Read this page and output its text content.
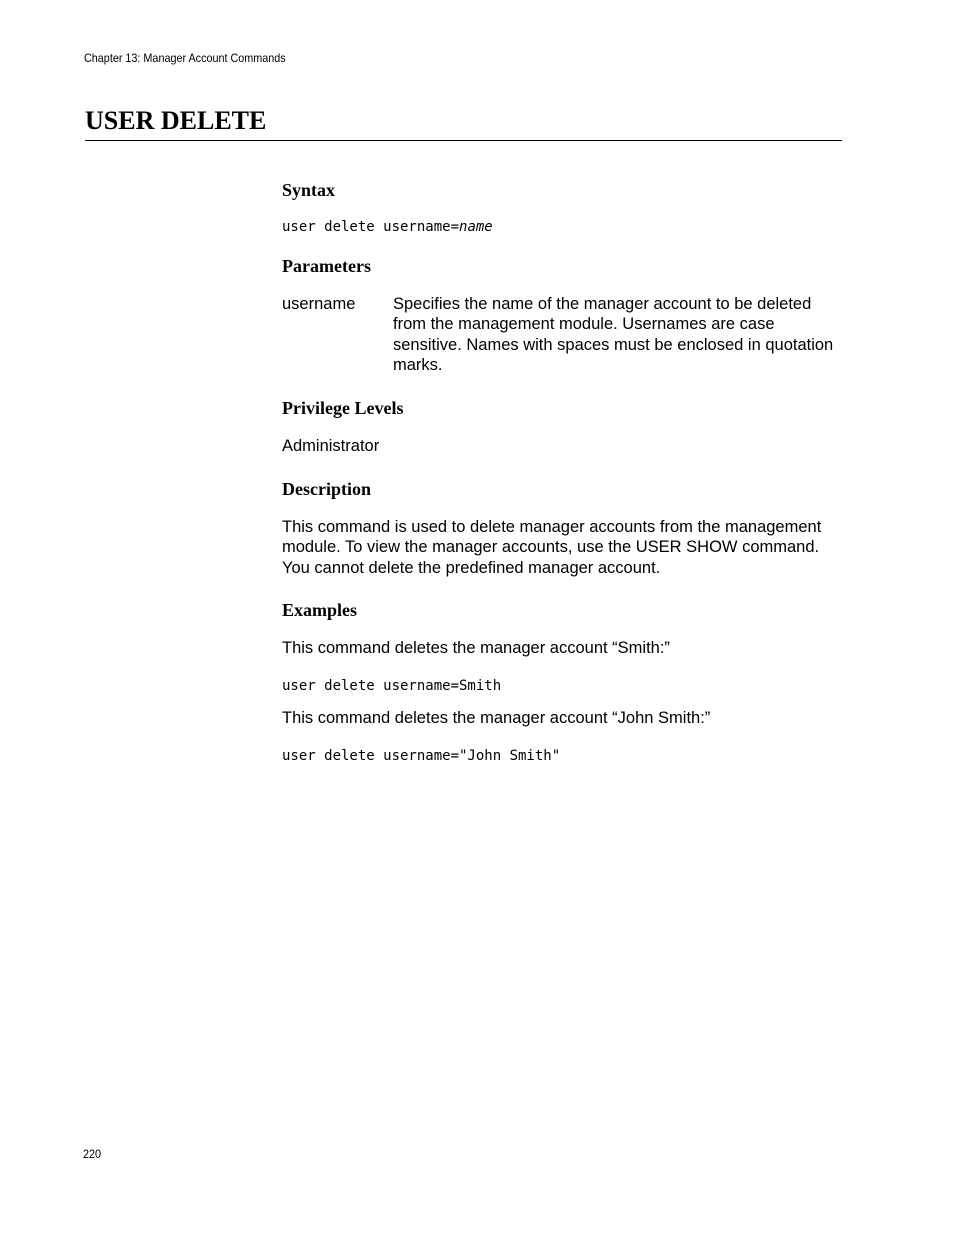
Chapter 13: Manager Account Commands
USER DELETE
Syntax
user delete username=name
Parameters
username Specifies the name of the manager account to be deleted from the management module. Usernames are case sensitive. Names with spaces must be enclosed in quotation marks.

Privilege Levels

Administrator

Description

This command is used to delete manager accounts from the management module. To view the manager accounts, use the USER SHOW command. You cannot delete the predefined manager account.

Examples

This command deletes the manager account “Smith:”

user delete username=Smith

This command deletes the manager account “John Smith:”

user delete username="John Smith"
220
